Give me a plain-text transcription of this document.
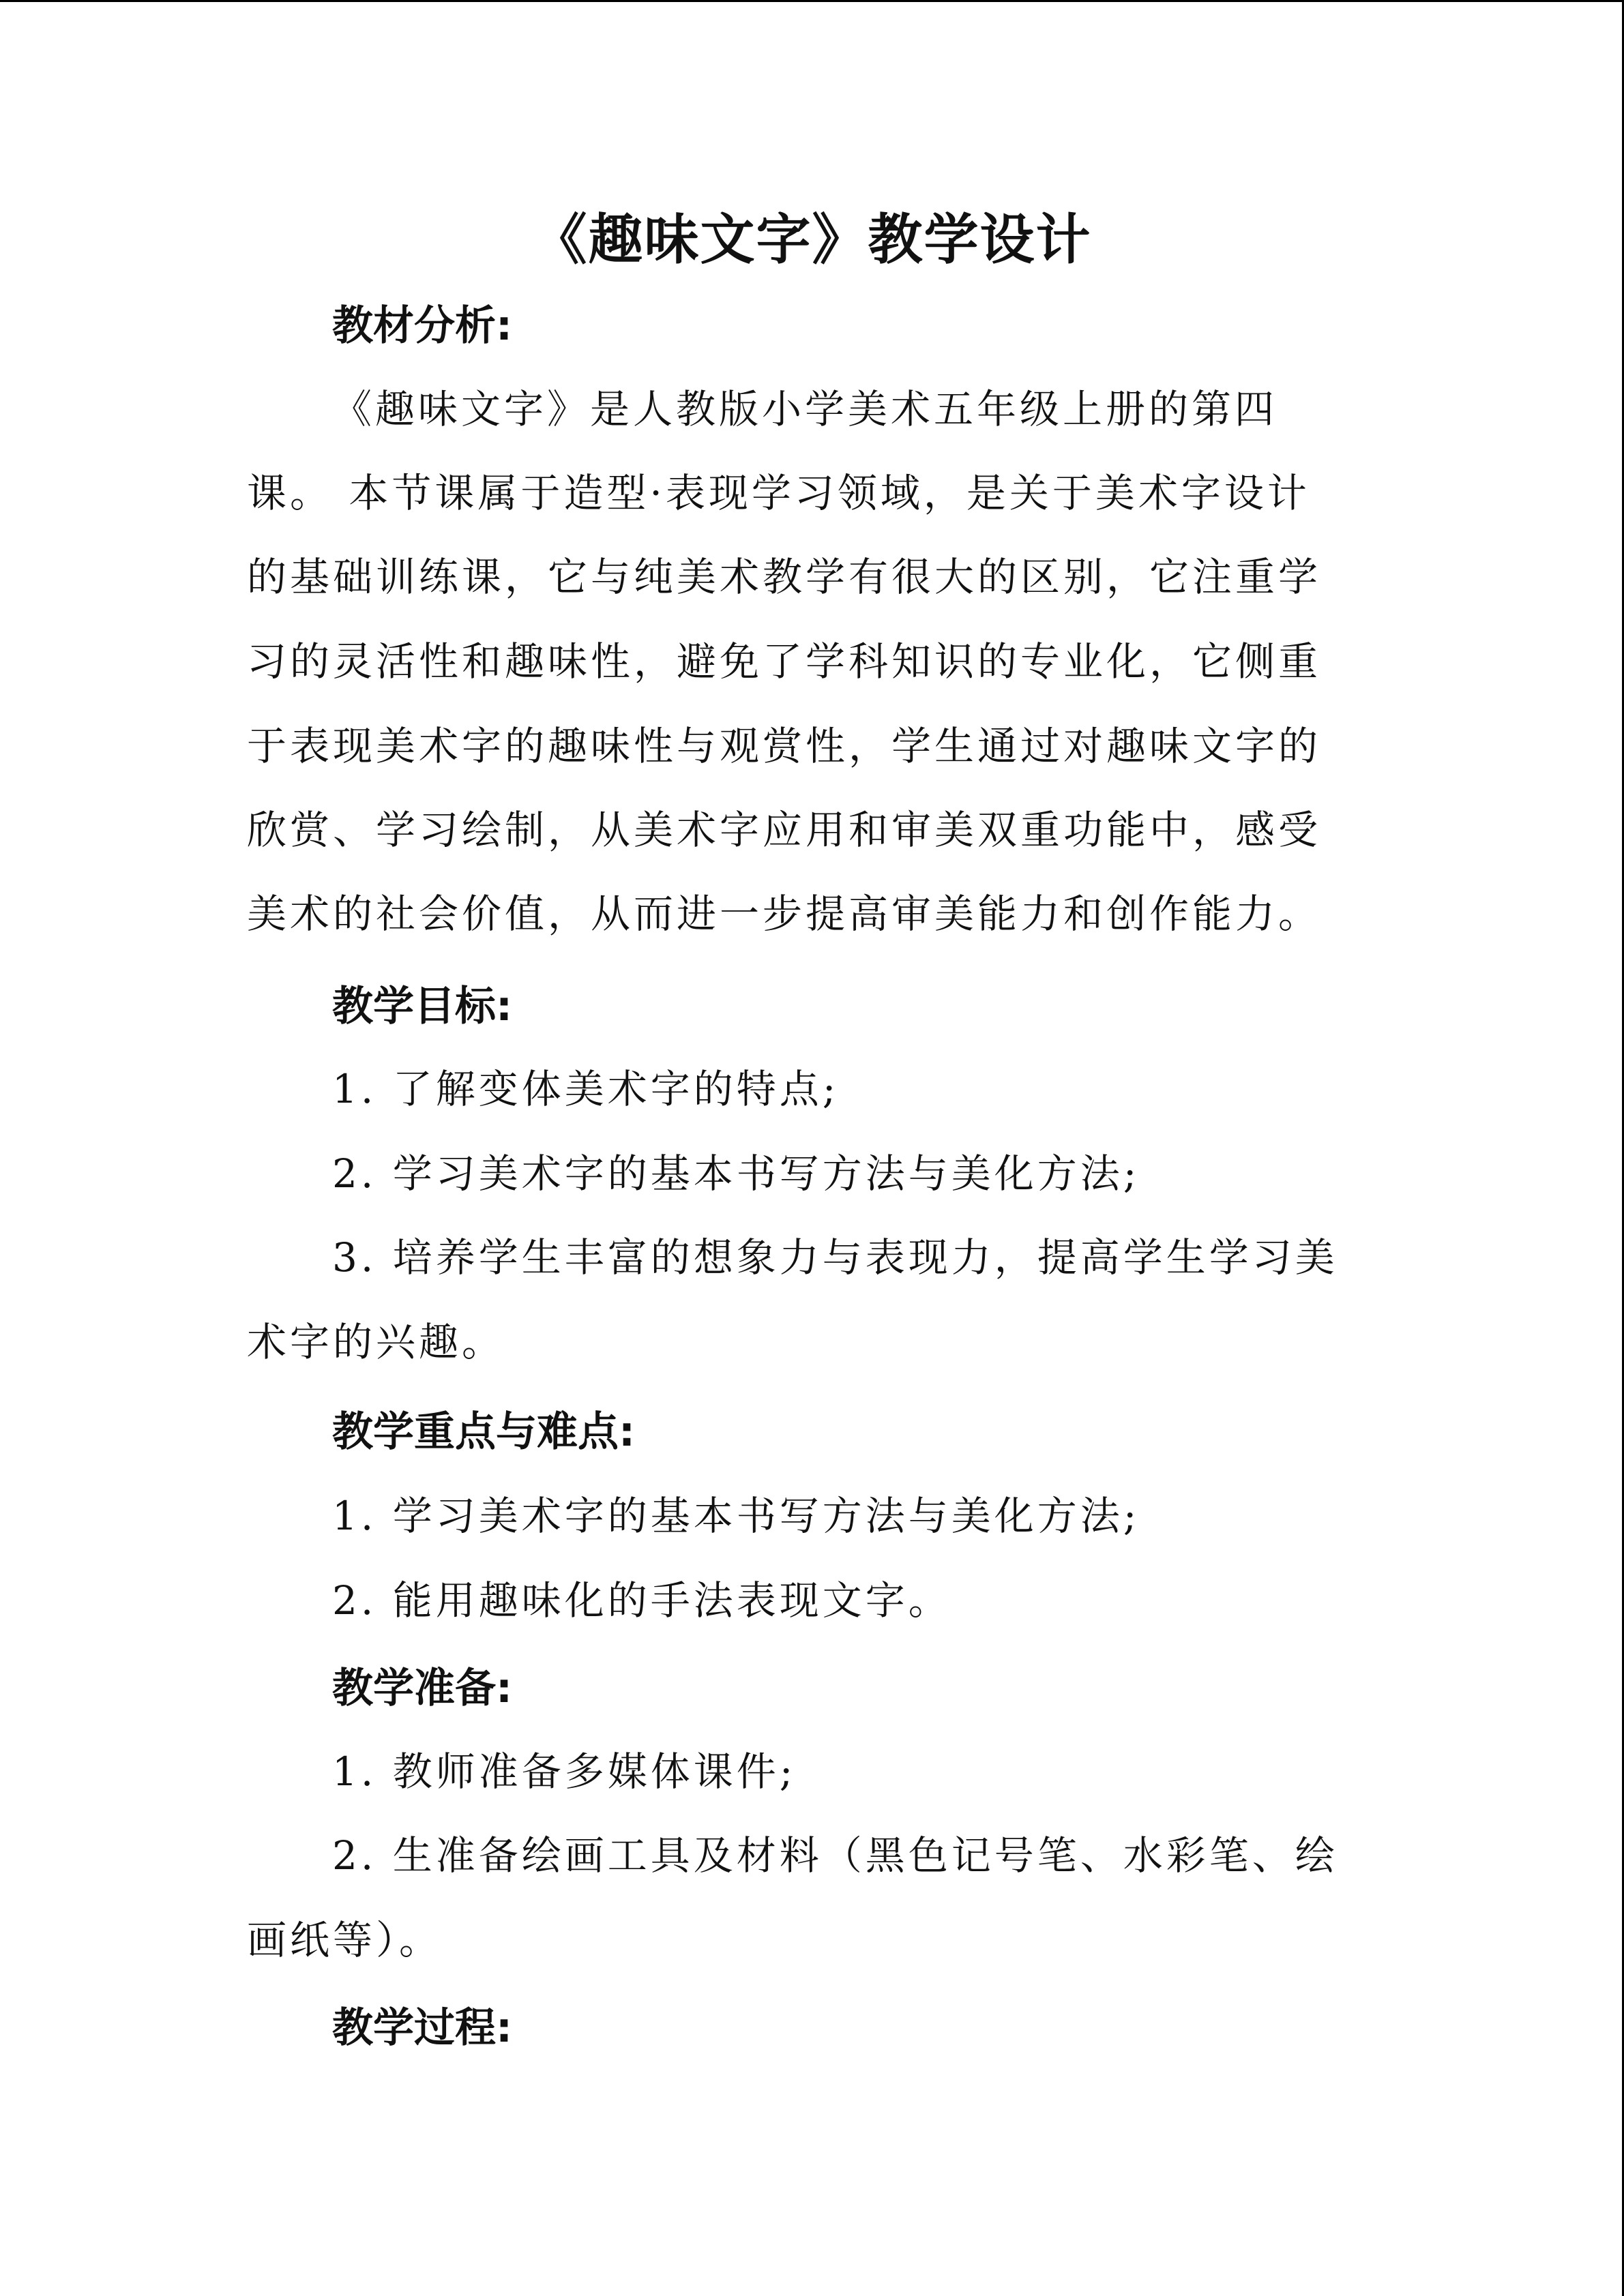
《趣味文字》教学设计
教材分析:
《趣味文字》是人教版小学美术五年级上册的第四
课。 本节课属于造型·表现学习领域，是关于美术字设计
的基础训练课，它与纯美术教学有很大的区别，它注重学
习的灵活性和趣味性，避免了学科知识的专业化，它侧重
于表现美术字的趣味性与观赏性，学生通过对趣味文字的
欣赏、学习绘制，从美术字应用和审美双重功能中，感受
美术的社会价值，从而进一步提高审美能力和创作能力。
教学目标:
1. 了解变体美术字的特点;
2. 学习美术字的基本书写方法与美化方法;
3. 培养学生丰富的想象力与表现力，提高学生学习美
术字的兴趣。
教学重点与难点:
1. 学习美术字的基本书写方法与美化方法;
2. 能用趣味化的手法表现文字。
教学准备:
1. 教师准备多媒体课件;
2. 生准备绘画工具及材料（黑色记号笔、水彩笔、绘
画纸等）。
教学过程:
